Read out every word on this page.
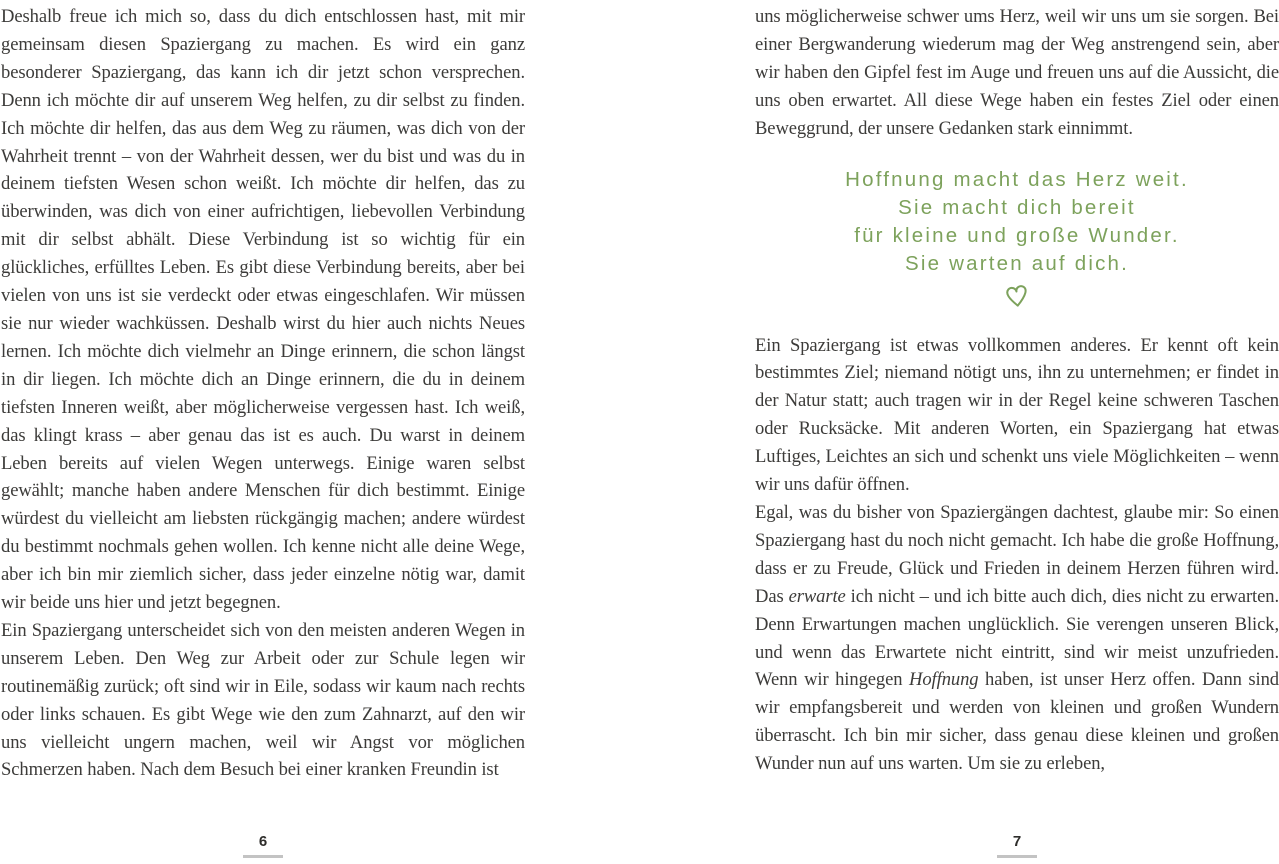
Deshalb freue ich mich so, dass du dich entschlossen hast, mit mir gemeinsam diesen Spaziergang zu machen. Es wird ein ganz besonderer Spaziergang, das kann ich dir jetzt schon versprechen. Denn ich möchte dir auf unserem Weg helfen, zu dir selbst zu finden. Ich möchte dir helfen, das aus dem Weg zu räumen, was dich von der Wahrheit trennt – von der Wahrheit dessen, wer du bist und was du in deinem tiefsten Wesen schon weißt. Ich möchte dir helfen, das zu überwinden, was dich von einer aufrichtigen, liebevollen Verbindung mit dir selbst abhält. Diese Verbindung ist so wichtig für ein glückliches, erfülltes Leben. Es gibt diese Verbindung bereits, aber bei vielen von uns ist sie verdeckt oder etwas eingeschlafen. Wir müssen sie nur wieder wachküssen. Deshalb wirst du hier auch nichts Neues lernen. Ich möchte dich vielmehr an Dinge erinnern, die schon längst in dir liegen. Ich möchte dich an Dinge erinnern, die du in deinem tiefsten Inneren weißt, aber möglicherweise vergessen hast. Ich weiß, das klingt krass – aber genau das ist es auch. Du warst in deinem Leben bereits auf vielen Wegen unterwegs. Einige waren selbst gewählt; manche haben andere Menschen für dich bestimmt. Einige würdest du vielleicht am liebsten rückgängig machen; andere würdest du bestimmt nochmals gehen wollen. Ich kenne nicht alle deine Wege, aber ich bin mir ziemlich sicher, dass jeder einzelne nötig war, damit wir beide uns hier und jetzt begegnen.

Ein Spaziergang unterscheidet sich von den meisten anderen Wegen in unserem Leben. Den Weg zur Arbeit oder zur Schule legen wir routinemäßig zurück; oft sind wir in Eile, sodass wir kaum nach rechts oder links schauen. Es gibt Wege wie den zum Zahnarzt, auf den wir uns vielleicht ungern machen, weil wir Angst vor möglichen Schmerzen haben. Nach dem Besuch bei einer kranken Freundin ist

uns möglicherweise schwer ums Herz, weil wir uns um sie sorgen. Bei einer Bergwanderung wiederum mag der Weg anstrengend sein, aber wir haben den Gipfel fest im Auge und freuen uns auf die Aussicht, die uns oben erwartet. All diese Wege haben ein festes Ziel oder einen Beweggrund, der unsere Gedanken stark einnimmt.

Hoffnung macht das Herz weit.
Sie macht dich bereit
für kleine und große Wunder.
Sie warten auf dich.

Ein Spaziergang ist etwas vollkommen anderes. Er kennt oft kein bestimmtes Ziel; niemand nötigt uns, ihn zu unternehmen; er findet in der Natur statt; auch tragen wir in der Regel keine schweren Taschen oder Rucksäcke. Mit anderen Worten, ein Spaziergang hat etwas Luftiges, Leichtes an sich und schenkt uns viele Möglichkeiten – wenn wir uns dafür öffnen.

Egal, was du bisher von Spaziergängen dachtest, glaube mir: So einen Spaziergang hast du noch nicht gemacht. Ich habe die große Hoffnung, dass er zu Freude, Glück und Frieden in deinem Herzen führen wird. Das erwarte ich nicht – und ich bitte auch dich, dies nicht zu erwarten. Denn Erwartungen machen unglücklich. Sie verengen unseren Blick, und wenn das Erwartete nicht eintritt, sind wir meist unzufrieden. Wenn wir hingegen Hoffnung haben, ist unser Herz offen. Dann sind wir empfangsbereit und werden von kleinen und großen Wundern überrascht. Ich bin mir sicher, dass genau diese kleinen und großen Wunder nun auf uns warten. Um sie zu erleben,

6	7
